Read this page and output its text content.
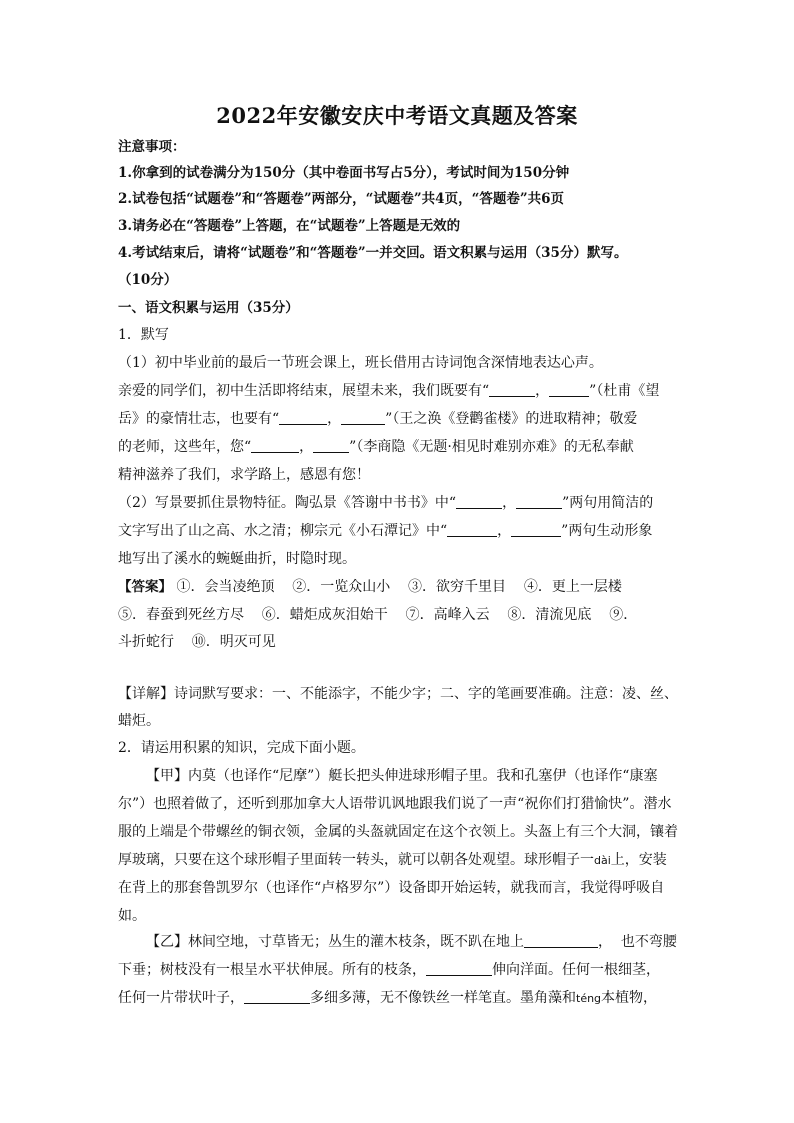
2022年安徽安庆中考语文真题及答案
注意事项：
1.你拿到的试卷满分为150分（其中卷面书写占5分），考试时间为150分钟
2.试卷包括“试题卷”和“答题卷”两部分，“试题卷”共4页，“答题卷”共6页
3.请务必在“答题卷”上答题，在“试题卷”上答题是无效的
4.考试结束后，请将“试题卷”和“答题卷”一并交回。语文积累与运用（35分）默写。
（10分）
一、语文积累与运用（35分）
1．默写
（1）初中毕业前的最后一节班会课上，班长借用古诗词饱含深情地表达心声。
亲爱的同学们，初中生活即将结束，展望未来，我们既要有“	，	”（杜甫《望
岳》的豪情壮志，也要有“	，	”（王之涣《登鹳雀楼》的进取精神；敬爱
的老师，这些年，您“	，	”（李商隐《无题·相见时难别亦难》的无私奉献
精神滋养了我们，求学路上，感恩有您！
（2）写景要抓住景物特征。陶弘景《答谢中书书》中“	，	”两句用简洁的
文字写出了山之高、水之清；柳宗元《小石潭记》中“	，	”两句生动形象
地写出了溪水的蜿蜒曲折，时隐时现。
【答案】 ①．会当凌绝顶    ②．一览众山小    ③．欲穷千里目    ④．更上一层楼
⑤．春蚕到死丝方尽    ⑥．蜡炬成灰泪始干    ⑦．高峰入云    ⑧．清流见底    ⑨．
斗折蛇行    ⑩．明灭可见
【详解】诗词默写要求：一、不能添字，不能少字；二、字的笔画要准确。注意：凌、丝、
蜡炬。
2．请运用积累的知识，完成下面小题。
【甲】内莫（也译作“尼摩”）艇长把头伸进球形帽子里。我和孔塞伊（也译作“康塞
尔”）也照着做了，还听到那加拿大人语带讥讽地跟我们说了一声“祝你们打猎愉快”。潜水
服的上端是个带螺丝的铜衣领，金属的头盔就固定在这个衣领上。头盔上有三个大洞，镶着
厚玻璃，只要在这个球形帽子里面转一转头，就可以朝各处观望。球形帽子一dài上，安装
在背上的那套鲁凯罗尔（也译作“卢格罗尔”）设备即开始运转，就我而言，我觉得呼吸自
如。
【乙】林间空地，寸草皆无；丛生的灌木枝条，既不趴在地上	，  也不弯腰
下垂；树枝没有一根呈水平状伸展。所有的枝条，	伸向洋面。任何一根细茎，
任何一片带状叶子，	多细多薄，无不像铁丝一样笔直。墨角藻和téng本植物，
